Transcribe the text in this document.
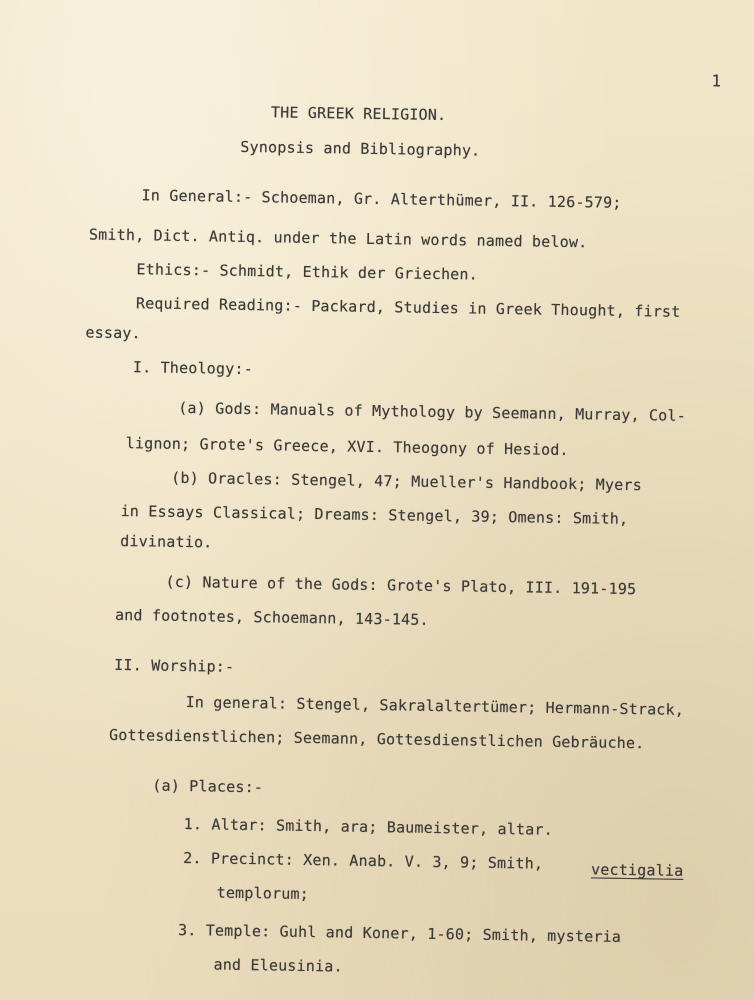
1
THE GREEK RELIGION.
Synopsis and Bibliography.
In General:- Schoeman, Gr. Alterthümer, II. 126-579;
Smith, Dict. Antiq. under the Latin words named below.
Ethics:- Schmidt, Ethik der Griechen.
Required Reading:- Packard, Studies in Greek Thought, first
essay.
I. Theology:-
(a) Gods: Manuals of Mythology by Seemann, Murray, Col-
lignon; Grote's Greece, XVI. Theogony of Hesiod.
(b) Oracles: Stengel, 47; Mueller's Handbook; Myers
in Essays Classical; Dreams: Stengel, 39; Omens: Smith,
divinatio.
(c) Nature of the Gods: Grote's Plato, III. 191-195
and footnotes, Schoemann, 143-145.
II. Worship:-
In general: Stengel, Sakralaltertümer; Hermann-Strack,
Gottesdienstlichen; Seemann, Gottesdienstlichen Gebräuche.
(a) Places:-
1. Altar: Smith, ara; Baumeister, altar.
2. Precinct: Xen. Anab. V. 3, 9; Smith,	vectigalia
templorum;
3. Temple: Guhl and Koner, 1-60; Smith, mysteria
and Eleusinia.
